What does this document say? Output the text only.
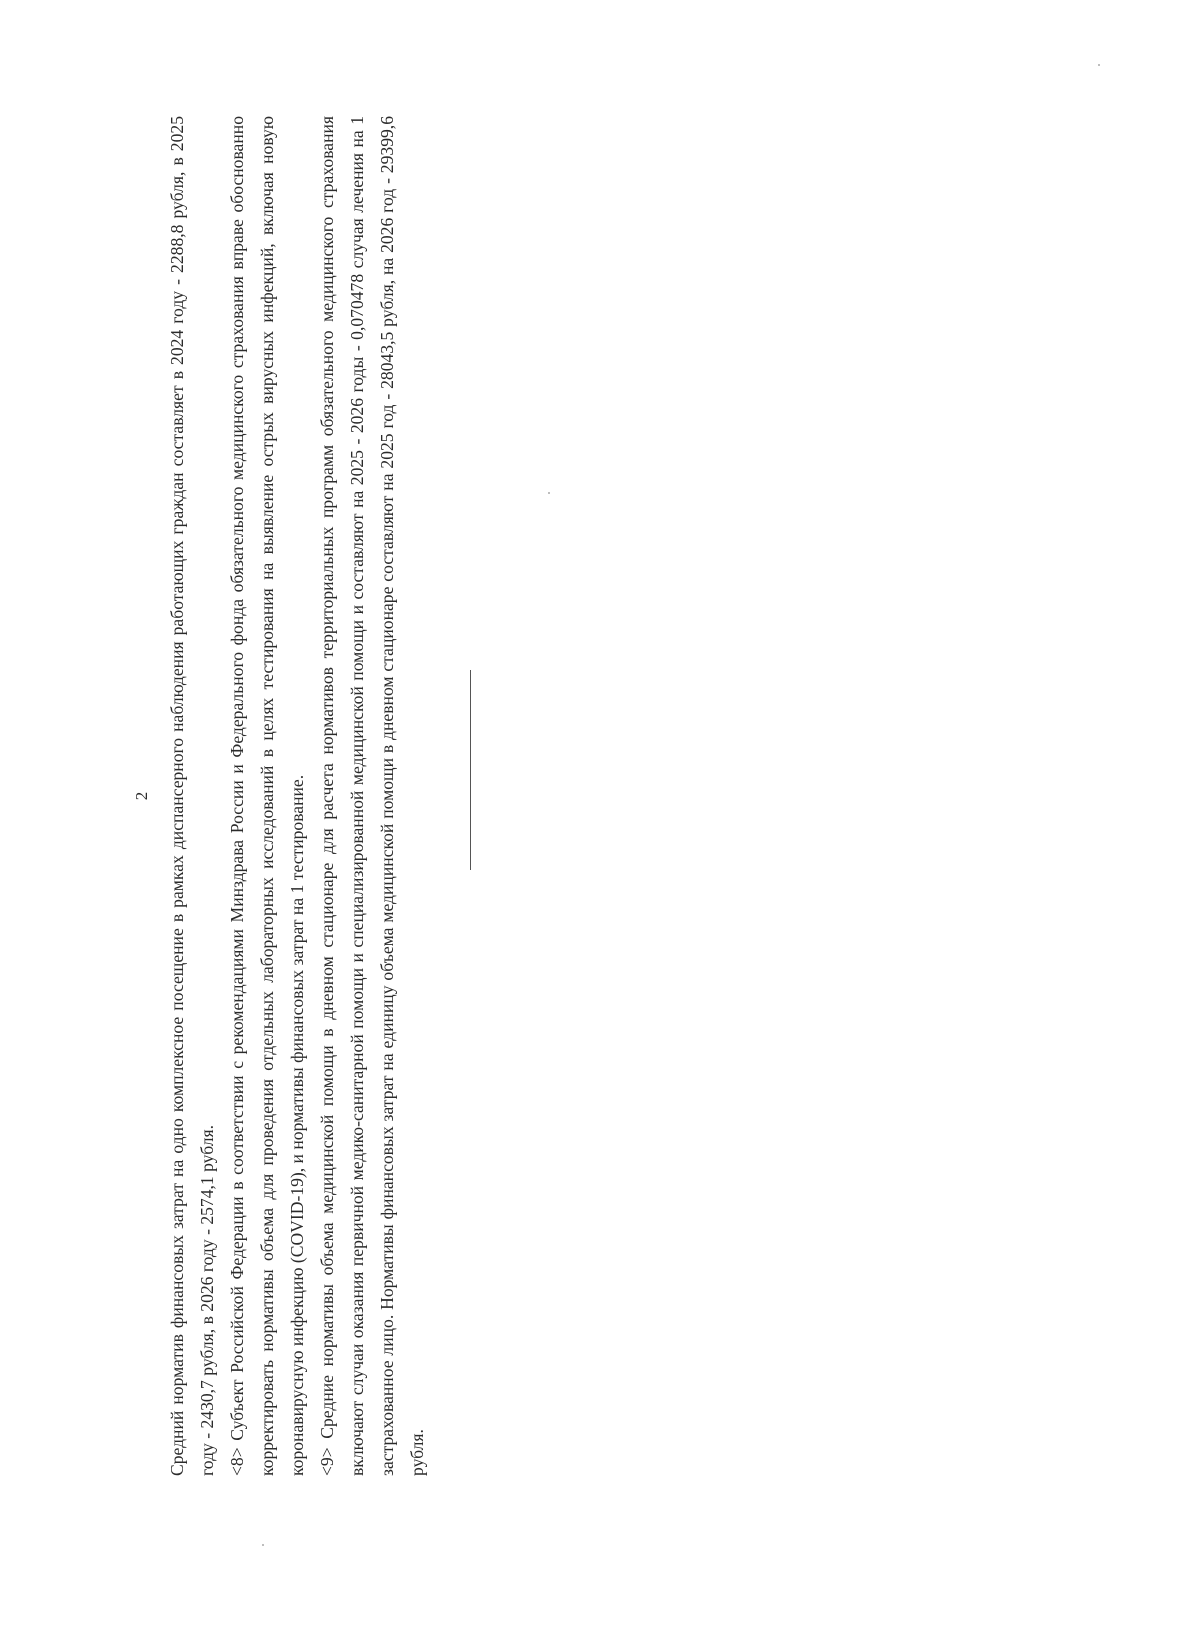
2 Средний норматив финансовых затрат на одно комплексное посещение в рамках диспансерного наблюдения работающих граждан составляет в 2024 году - 2288,8 рубля, в 2025 году - 2430,7 рубля, в 2026 году - 2574,1 рубля. <8> Субъект Российской Федерации в соответствии с рекомендациями Минздрава России и Федерального фонда обязательного медицинского страхования вправе обоснованно корректировать нормативы объема для проведения отдельных лабораторных исследований в целях тестирования на выявление острых вирусных инфекций, включая новую коронавирусную инфекцию (COVID-19), и нормативы финансовых затрат на 1 тестирование. <9> Средние нормативы объема медицинской помощи в дневном стационаре для расчета нормативов территориальных программ обязательного медицинского страхования включают случаи оказания первичной медико-санитарной помощи и специализированной медицинской помощи и составляют на 2025 - 2026 годы - 0,070478 случая лечения на 1 застрахованное лицо. Нормативы финансовых затрат на единицу объема медицинской помощи в дневном стационаре составляют на 2025 год - 28043,5 рубля, на 2026 год - 29399,6 рубля.
